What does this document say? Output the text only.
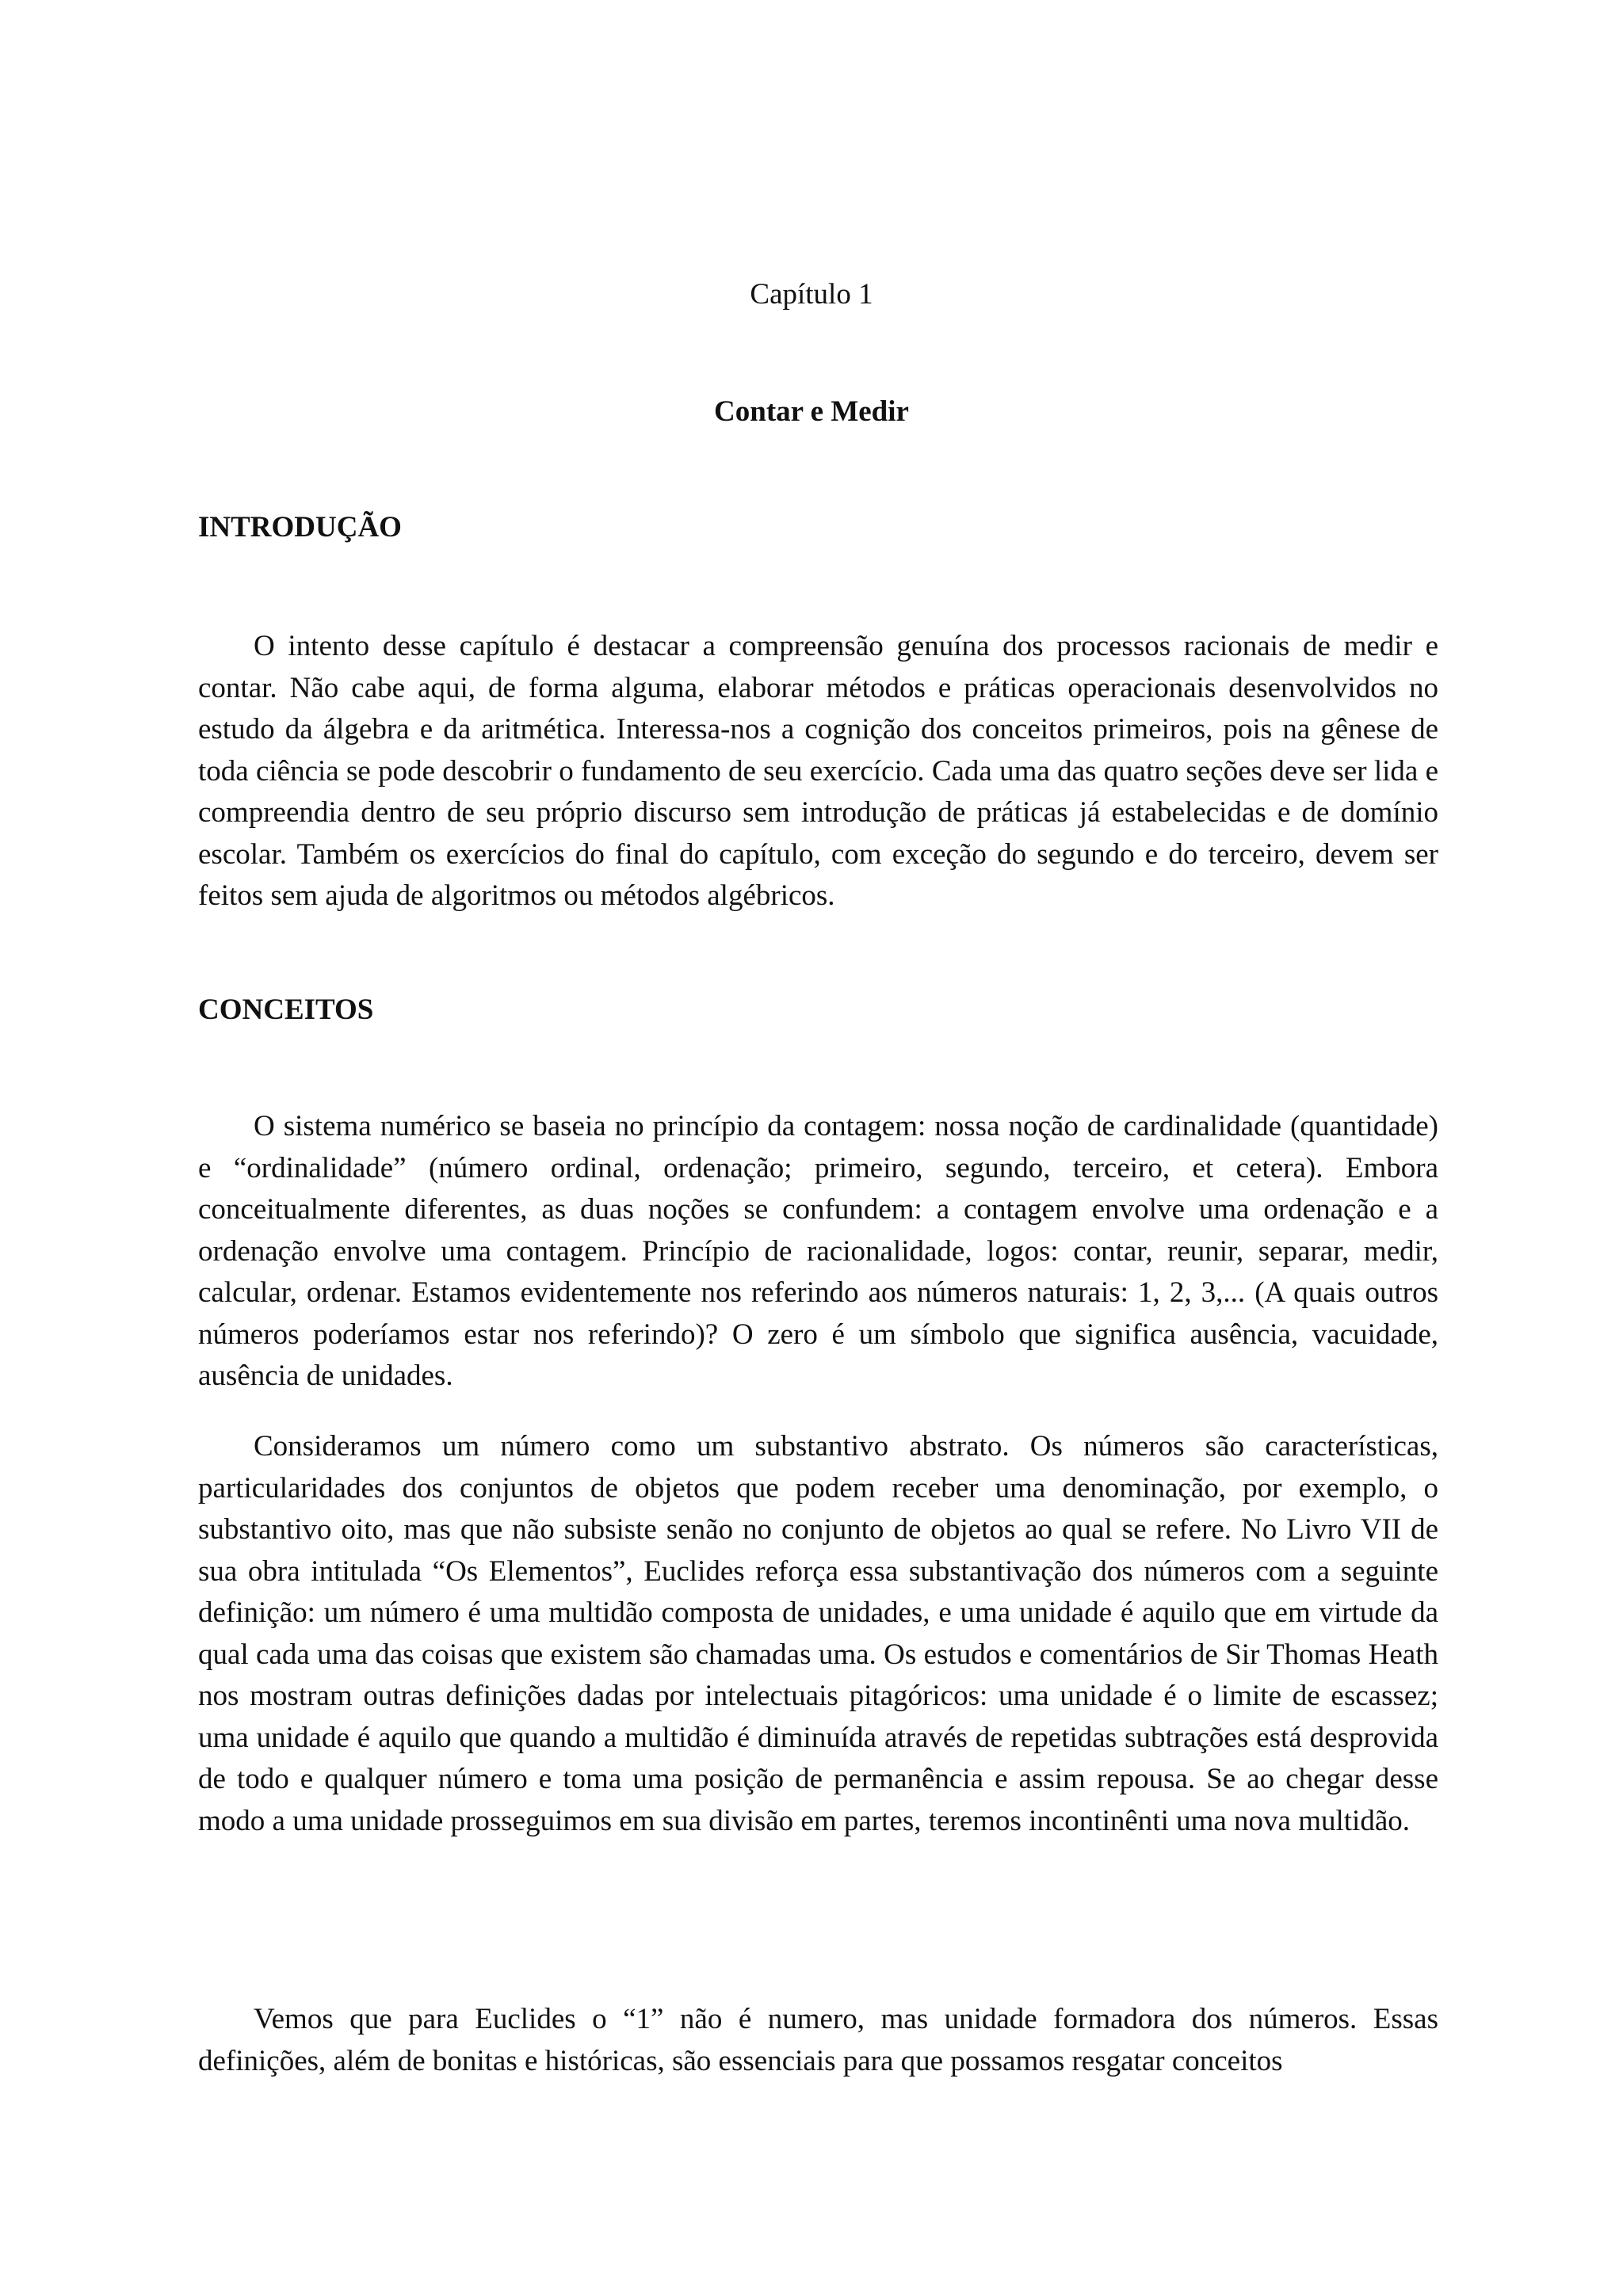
Capítulo 1
Contar e Medir
INTRODUÇÃO

O intento desse capítulo é destacar a compreensão genuína dos processos racionais de medir e contar. Não cabe aqui, de forma alguma, elaborar métodos e práticas operacionais desenvolvidos no estudo da álgebra e da aritmética. Interessa-nos a cognição dos conceitos primeiros, pois na gênese de toda ciência se pode descobrir o fundamento de seu exercício. Cada uma das quatro seções deve ser lida e compreendia dentro de seu próprio discurso sem introdução de práticas já estabelecidas e de domínio escolar. Também os exercícios do final do capítulo, com exceção do segundo e do terceiro, devem ser feitos sem ajuda de algoritmos ou métodos algébricos.

CONCEITOS

O sistema numérico se baseia no princípio da contagem: nossa noção de cardinalidade (quantidade) e “ordinalidade” (número ordinal, ordenação; primeiro, segundo, terceiro, et cetera). Embora conceitualmente diferentes, as duas noções se confundem: a contagem envolve uma ordenação e a ordenação envolve uma contagem. Princípio de racionalidade, logos: contar, reunir, separar, medir, calcular, ordenar. Estamos evidentemente nos referindo aos números naturais: 1, 2, 3,... (A quais outros números poderíamos estar nos referindo)? O zero é um símbolo que significa ausência, vacuidade, ausência de unidades.

Consideramos um número como um substantivo abstrato. Os números são características, particularidades dos conjuntos de objetos que podem receber uma denominação, por exemplo, o substantivo oito, mas que não subsiste senão no conjunto de objetos ao qual se refere. No Livro VII de sua obra intitulada “Os Elementos”, Euclides reforça essa substantivação dos números com a seguinte definição: um número é uma multidão composta de unidades, e uma unidade é aquilo que em virtude da qual cada uma das coisas que existem são chamadas uma. Os estudos e comentários de Sir Thomas Heath nos mostram outras definições dadas por intelectuais pitagóricos: uma unidade é o limite de escassez; uma unidade é aquilo que quando a multidão é diminuída através de repetidas subtrações está desprovida de todo e qualquer número e toma uma posição de permanência e assim repousa. Se ao chegar desse modo a uma unidade prosseguimos em sua divisão em partes, teremos incontinênti uma nova multidão.

Vemos que para Euclides o “1” não é numero, mas unidade formadora dos números. Essas definições, além de bonitas e históricas, são essenciais para que possamos resgatar conceitos
